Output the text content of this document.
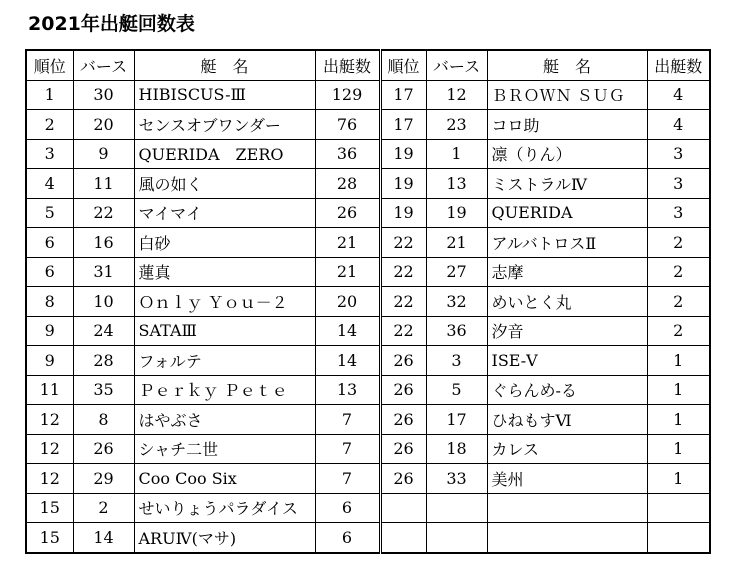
2021年出艇回数表
順位	バース	艇　名	出艇数	順位	バース	艇　名	出艇数
1	30	HIBISCUS-Ⅲ	129	17	12	ＢＲＯＷＮ ＳＵＧ	4
2	20	センスオブワンダー	76	17	23	コロ助	4
3	9	QUERIDA　ZERO	36	19	1	凛（りん）	3
4	11	風の如く	28	19	13	ミストラルⅣ	3
5	22	マイマイ	26	19	19	QUERIDA	3
6	16	白砂	21	22	21	アルバトロスⅡ	2
6	31	蓮真	21	22	27	志摩	2
8	10	Ｏｎｌｙ Ｙｏｕ－２	20	22	32	めいとく丸	2
9	24	SATAⅢ	14	22	36	汐音	2
9	28	フォルテ	14	26	3	ISE-Ⅴ	1
11	35	Ｐｅｒｋｙ Ｐｅｔｅ	13	26	5	ぐらんめ-る	1
12	8	はやぶさ	7	26	17	ひねもすⅥ	1
12	26	シャチ二世	7	26	18	カレス	1
12	29	Coo Coo Six	7	26	33	美州	1
15	2	せいりょうパラダイス	6				
15	14	ARUⅣ(マサ)	6				
